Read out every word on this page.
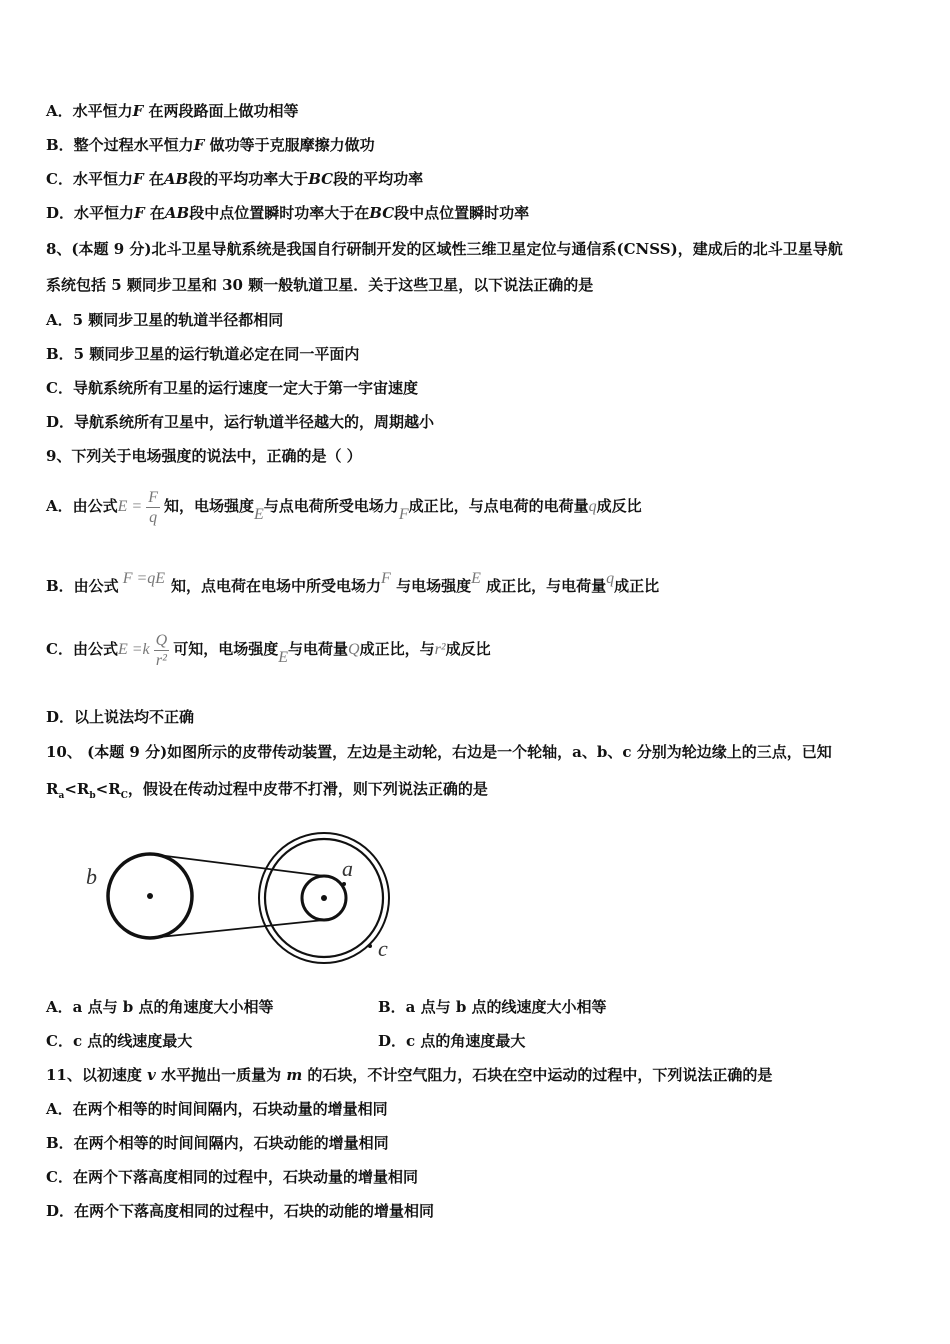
A．水平恒力F 在两段路面上做功相等
B．整个过程水平恒力F 做功等于克服摩擦力做功
C．水平恒力F 在AB段的平均功率大于BC段的平均功率
D．水平恒力F 在AB段中点位置瞬时功率大于在BC段中点位置瞬时功率
8、(本题 9 分)北斗卫星导航系统是我国自行研制开发的区域性三维卫星定位与通信系(CNSS)，建成后的北斗卫星导航
系统包括 5 颗同步卫星和 30 颗一般轨道卫星．关于这些卫星，以下说法正确的是
A．5 颗同步卫星的轨道半径都相同
B．5 颗同步卫星的运行轨道必定在同一平面内
C．导航系统所有卫星的运行速度一定大于第一宇宙速度
D．导航系统所有卫星中，运行轨道半径越大的，周期越小
9、下列关于电场强度的说法中，正确的是（ ）
A．由公式$E = \frac{F}{q}$ 知，电场强度E与点电荷所受电场力F成正比，与点电荷的电荷量q成反比
B．由公式 F =qE 知，点电荷在电场中所受电场力F 与电场强度E 成正比，与电荷量q成正比
C．由公式$E =k \frac{Q}{\text{r²}}$ 可知，电场强度E与电荷量Q成正比，与r²成反比
D．以上说法均不正确
10、 (本题 9 分)如图所示的皮带传动装置，左边是主动轮，右边是一个轮轴，a、b、c 分别为轮边缘上的三点，已知
$R_a<R_b<R_C$，假设在传动过程中皮带不打滑，则下列说法正确的是
b	a
c
A．a 点与 b 点的角速度大小相等	B．a 点与 b 点的线速度大小相等
C．c 点的线速度最大	D．c 点的角速度最大
11、以初速度 v 水平抛出一质量为 m 的石块，不计空气阻力，石块在空中运动的过程中，下列说法正确的是
A．在两个相等的时间间隔内，石块动量的增量相同
B．在两个相等的时间间隔内，石块动能的增量相同
C．在两个下落高度相同的过程中，石块动量的增量相同
D．在两个下落高度相同的过程中，石块的动能的增量相同
